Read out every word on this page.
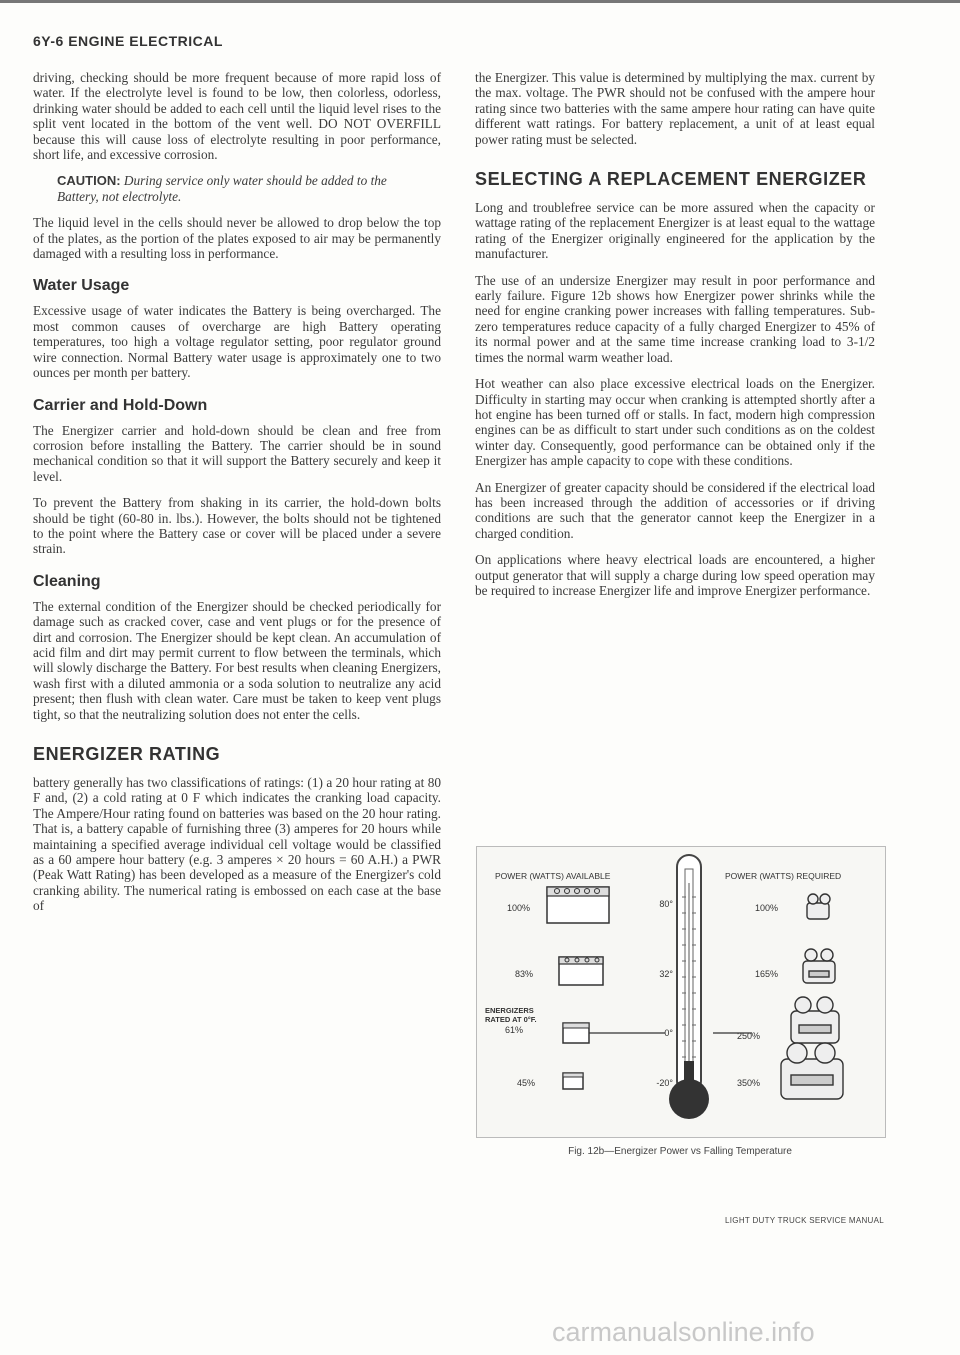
6Y-6 ENGINE ELECTRICAL

driving, checking should be more frequent because of more rapid loss of water. If the electrolyte level is found to be low, then colorless, odorless, drinking water should be added to each cell until the liquid level rises to the split vent located in the bottom of the vent well. DO NOT OVERFILL because this will cause loss of electrolyte resulting in poor performance, short life, and excessive corrosion.

CAUTION: During service only water should be added to the Battery, not electrolyte.

The liquid level in the cells should never be allowed to drop below the top of the plates, as the portion of the plates exposed to air may be permanently damaged with a resulting loss in performance.

Water Usage

Excessive usage of water indicates the Battery is being overcharged. The most common causes of overcharge are high Battery operating temperatures, too high a voltage regulator setting, poor regulator ground wire connection. Normal Battery water usage is approximately one to two ounces per month per battery.

Carrier and Hold-Down

The Energizer carrier and hold-down should be clean and free from corrosion before installing the Battery. The carrier should be in sound mechanical condition so that it will support the Battery securely and keep it level.

To prevent the Battery from shaking in its carrier, the hold-down bolts should be tight (60-80 in. lbs.). However, the bolts should not be tightened to the point where the Battery case or cover will be placed under a severe strain.

Cleaning

The external condition of the Energizer should be checked periodically for damage such as cracked cover, case and vent plugs or for the presence of dirt and corrosion. The Energizer should be kept clean. An accumulation of acid film and dirt may permit current to flow between the terminals, which will slowly discharge the Battery. For best results when cleaning Energizers, wash first with a diluted ammonia or a soda solution to neutralize any acid present; then flush with clean water. Care must be taken to keep vent plugs tight, so that the neutralizing solution does not enter the cells.

ENERGIZER RATING

battery generally has two classifications of ratings: (1) a 20 hour rating at 80 F and, (2) a cold rating at 0 F which indicates the cranking load capacity. The Ampere/Hour rating found on batteries was based on the 20 hour rating. That is, a battery capable of furnishing three (3) amperes for 20 hours while maintaining a specified average individual cell voltage would be classified as a 60 ampere hour battery (e.g. 3 amperes × 20 hours = 60 A.H.) a PWR (Peak Watt Rating) has been developed as a measure of the Energizer's cold cranking ability. The numerical rating is embossed on each case at the base of

the Energizer. This value is determined by multiplying the max. current by the max. voltage. The PWR should not be confused with the ampere hour rating since two batteries with the same ampere hour rating can have quite different watt ratings. For battery replacement, a unit of at least equal power rating must be selected.

SELECTING A REPLACEMENT ENERGIZER

Long and troublefree service can be more assured when the capacity or wattage rating of the replacement Energizer is at least equal to the wattage rating of the Energizer originally engineered for the application by the manufacturer.

The use of an undersize Energizer may result in poor performance and early failure. Figure 12b shows how Energizer power shrinks while the need for engine cranking power increases with falling temperatures. Sub-zero temperatures reduce capacity of a fully charged Energizer to 45% of its normal power and at the same time increase cranking load to 3-1/2 times the normal warm weather load.

Hot weather can also place excessive electrical loads on the Energizer. Difficulty in starting may occur when cranking is attempted shortly after a hot engine has been turned off or stalls. In fact, modern high compression engines can be as difficult to start under such conditions as on the coldest winter day. Consequently, good performance can be obtained only if the Energizer has ample capacity to cope with these conditions.

An Energizer of greater capacity should be considered if the electrical load has been increased through the addition of accessories or if driving conditions are such that the generator cannot keep the Energizer in a charged condition.

On applications where heavy electrical loads are encountered, a higher output generator that will supply a charge during low speed operation may be required to increase Energizer life and improve Energizer performance.

POWER (WATTS) AVAILABLE	POWER (WATTS) REQUIRED
80°
32°
0°
-20°
100%
83%
ENERGIZERS
RATED AT 0°F.
61%
45%
100%
165%
250%
350%
Fig. 12b—Energizer Power vs Falling Temperature
LIGHT DUTY TRUCK SERVICE MANUAL
carmanualsonline.info
